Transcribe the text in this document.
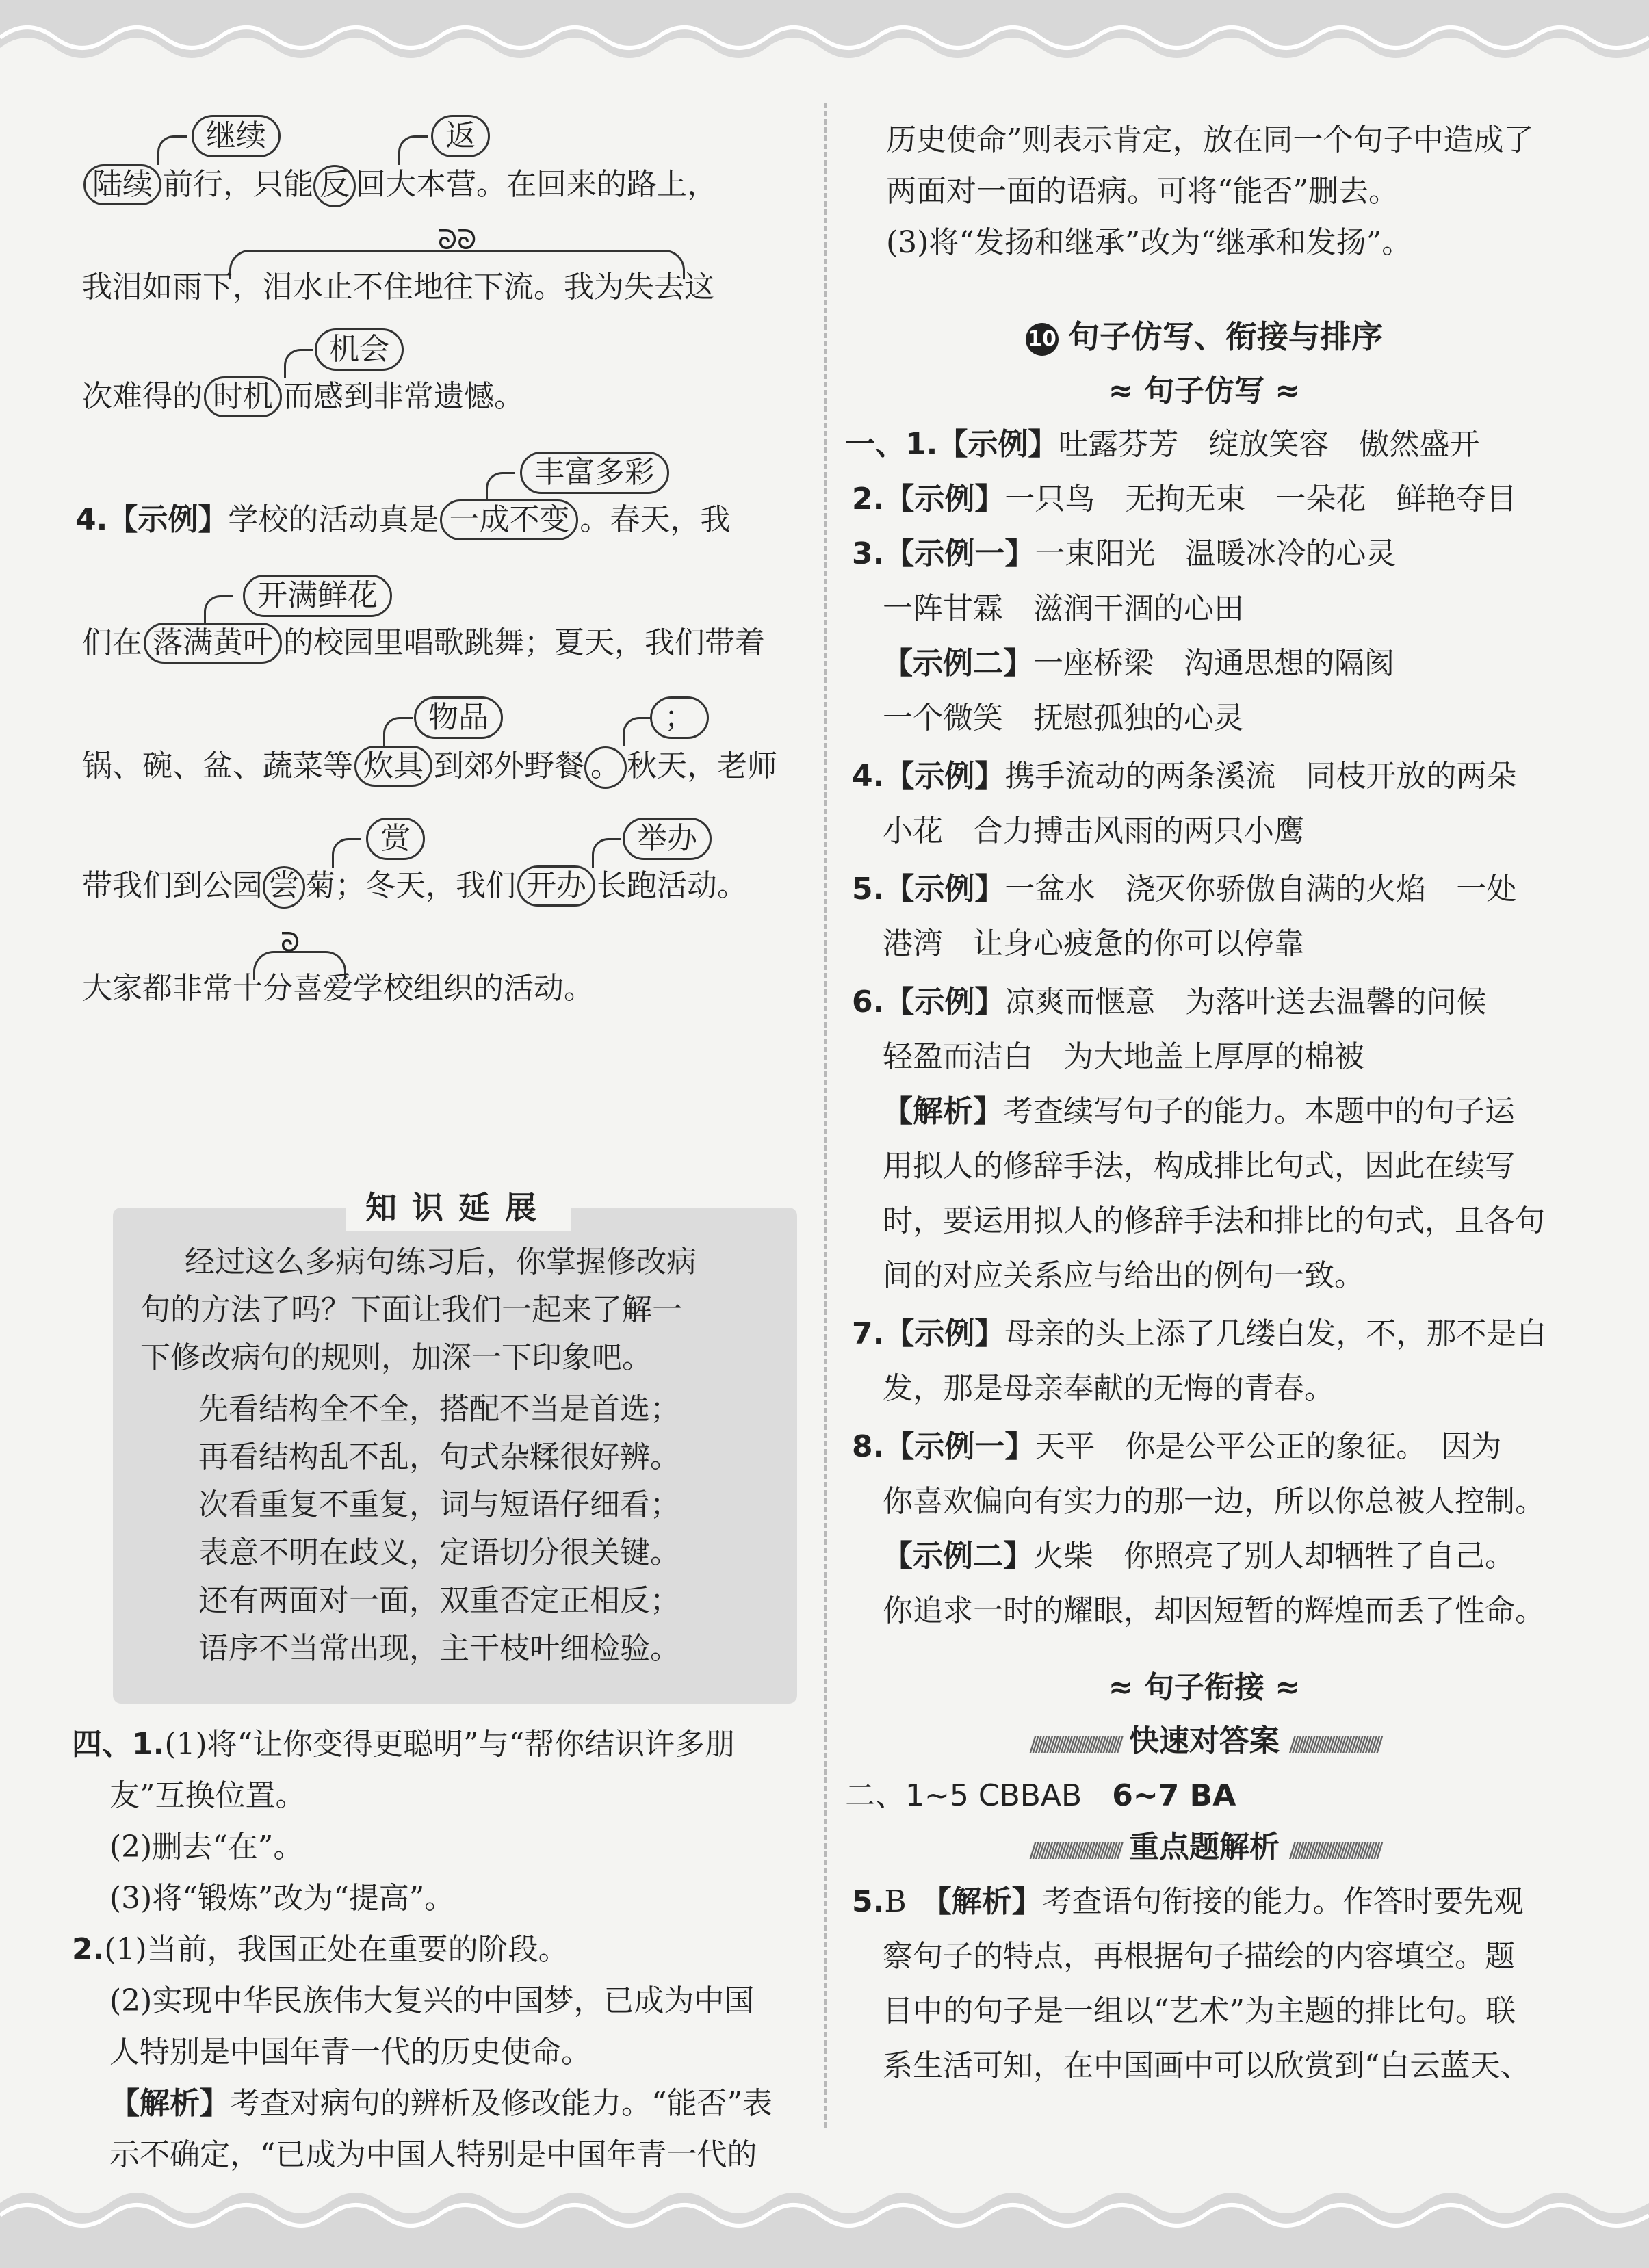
继续	返
陆续 前行，只能 反 回大本营。在回来的路上，
ᘐᘐ
我泪如雨下，泪水止不住地往下流。我为失去这
机会
次难得的 时机 而感到非常遗憾。
丰富多彩
4.【示例】学校的活动真是 一成不变 。春天，我
开满鲜花
们在 落满黄叶 的校园里唱歌跳舞；夏天，我们带着
物品	；
锅、碗、盆、蔬菜等 炊具 到郊外野餐 。 秋天，老师
赏	举办
带我们到公园 尝 菊；冬天，我们 开办 长跑活动。
ᘐ
大家都非常十分喜爱学校组织的活动。
知识延展
经过这么多病句练习后，你掌握修改病
句的方法了吗？下面让我们一起来了解一
下修改病句的规则，加深一下印象吧。
先看结构全不全，搭配不当是首选；
再看结构乱不乱，句式杂糅很好辨。
次看重复不重复，词与短语仔细看；
表意不明在歧义，定语切分很关键。
还有两面对一面，双重否定正相反；
语序不当常出现，主干枝叶细检验。
四、1.(1)将“让你变得更聪明”与“帮你结识许多朋
友”互换位置。
(2)删去“在”。
(3)将“锻炼”改为“提高”。
2.(1)当前，我国正处在重要的阶段。
(2)实现中华民族伟大复兴的中国梦，已成为中国
人特别是中国年青一代的历史使命。
【解析】考查对病句的辨析及修改能力。“能否”表
示不确定，“已成为中国人特别是中国年青一代的
历史使命”则表示肯定，放在同一个句子中造成了
两面对一面的语病。可将“能否”删去。
(3)将“发扬和继承”改为“继承和发扬”。
10 句子仿写、衔接与排序
≈ 句子仿写 ≈
一、1.【示例】吐露芬芳　绽放笑容　傲然盛开
2.【示例】一只鸟　无拘无束　一朵花　鲜艳夺目
3.【示例一】一束阳光　温暖冰冷的心灵
一阵甘霖　滋润干涸的心田
【示例二】一座桥梁　沟通思想的隔阂
一个微笑　抚慰孤独的心灵
4.【示例】携手流动的两条溪流　同枝开放的两朵
小花　合力搏击风雨的两只小鹰
5.【示例】一盆水　浇灭你骄傲自满的火焰　一处
港湾　让身心疲惫的你可以停靠
6.【示例】凉爽而惬意　为落叶送去温馨的问候
轻盈而洁白　为大地盖上厚厚的棉被
【解析】考查续写句子的能力。本题中的句子运
用拟人的修辞手法，构成排比句式，因此在续写
时，要运用拟人的修辞手法和排比的句式，且各句
间的对应关系应与给出的例句一致。
7.【示例】母亲的头上添了几缕白发，不，那不是白
发，那是母亲奉献的无悔的青春。
8.【示例一】天平　你是公平公正的象征。　因为
你喜欢偏向有实力的那一边，所以你总被人控制。
【示例二】火柴　你照亮了别人却牺牲了自己。
你追求一时的耀眼，却因短暂的辉煌而丢了性命。
≈ 句子衔接 ≈
//////////////////////////////// 快速对答案 ////////////////////////////////
二、1~5 CBBAB　 6~7 BA
//////////////////////////////// 重点题解析 ////////////////////////////////
5.B　 【解析】考查语句衔接的能力。作答时要先观
察句子的特点，再根据句子描绘的内容填空。题
目中的句子是一组以“艺术”为主题的排比句。联
系生活可知，在中国画中可以欣赏到“白云蓝天、
